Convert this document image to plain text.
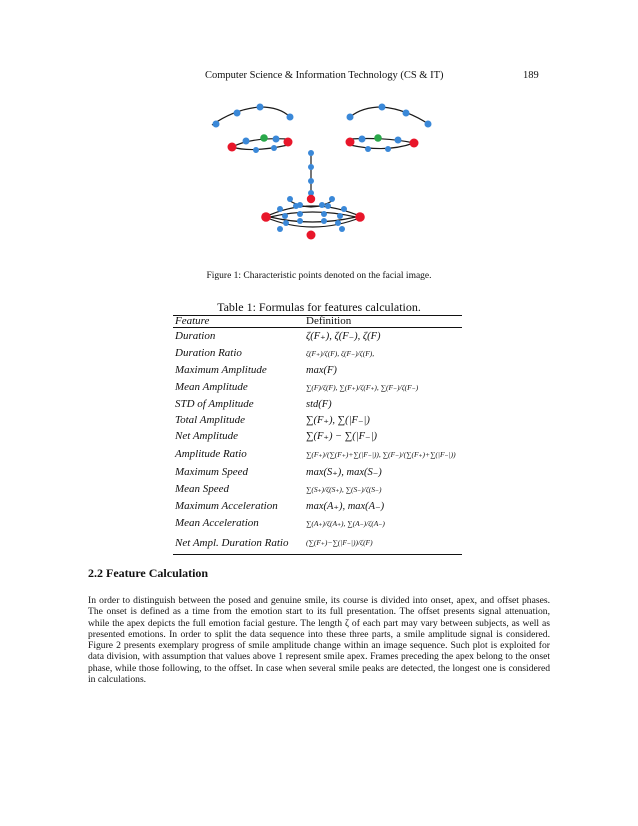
Computer Science & Information Technology (CS & IT)	189
Figure 1: Characteristic points denoted on the facial image.
Table 1: Formulas for features calculation.
Feature	Definition
Duration	ζ(F₊), ζ(F₋), ζ(F)
Duration Ratio	ζ(F₊)/ζ(F), ζ(F₋)/ζ(F),
Maximum Amplitude	max(F)
Mean Amplitude	∑(F)/ζ(F), ∑(F₊)/ζ(F₊), ∑(F₋)/ζ(F₋)
STD of Amplitude	std(F)
Total Amplitude	∑(F₊), ∑(|F₋|)
Net Amplitude	∑(F₊) − ∑(|F₋|)
Amplitude Ratio	∑(F₊)/(∑(F₊)+∑(|F₋|)), ∑(F₋)/(∑(F₊)+∑(|F₋|))
Maximum Speed	max(S₊), max(S₋)
Mean Speed	∑(S₊)/ζ(S₊), ∑(S₋)/ζ(S₋)
Maximum Acceleration	max(A₊), max(A₋)
Mean Acceleration	∑(A₊)/ζ(A₊), ∑(A₋)/ζ(A₋)
Net Ampl. Duration Ratio	(∑(F₊)−∑(|F₋|))/ζ(F)
2.2 Feature Calculation
In order to distinguish between the posed and genuine smile, its course is divided into onset, apex, and offset phases. The onset is defined as a time from the emotion start to its full presentation. The offset presents signal attenuation, while the apex depicts the full emotion facial gesture. The length ζ of each part may vary between subjects, as well as presented emotions. In order to split the data sequence into these three parts, a smile amplitude signal is considered. Figure 2 presents exemplary progress of smile amplitude change within an image sequence. Such plot is exploited for data division, with assumption that values above 1 represent smile apex. Frames preceding the apex belong to the onset phase, while those following, to the offset. In case when several smile peaks are detected, the longest one is considered in calculations.
